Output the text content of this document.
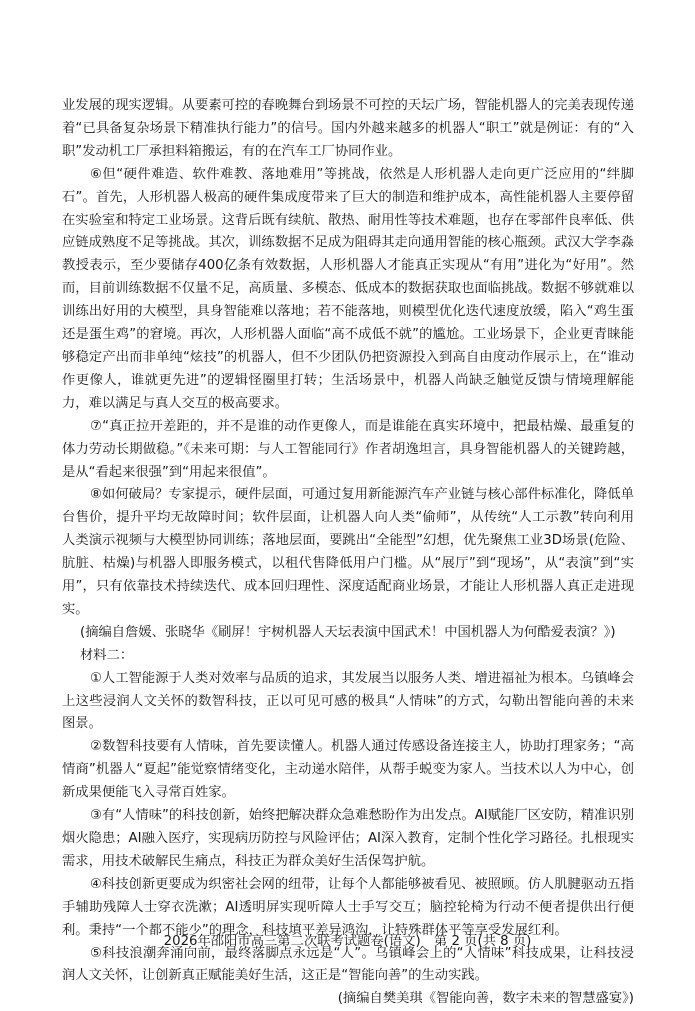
业发展的现实逻辑。从要素可控的春晚舞台到场景不可控的天坛广场，智能机器人的完美表现传递着“已具备复杂场景下精准执行能力”的信号。国内外越来越多的机器人“职工”就是例证：有的“入职”发动机工厂承担料箱搬运，有的在汽车工厂协同作业。

⑥但“硬件难造、软件难教、落地难用”等挑战，依然是人形机器人走向更广泛应用的“绊脚石”。首先，人形机器人极高的硬件集成度带来了巨大的制造和维护成本，高性能机器人主要停留在实验室和特定工业场景。这背后既有续航、散热、耐用性等技术难题，也存在零部件良率低、供应链成熟度不足等挑战。其次，训练数据不足成为阻碍其走向通用智能的核心瓶颈。武汉大学李淼教授表示，至少要储存400亿条有效数据，人形机器人才能真正实现从“有用”进化为“好用”。然而，目前训练数据不仅量不足，高质量、多模态、低成本的数据获取也面临挑战。数据不够就难以训练出好用的大模型，具身智能难以落地；若不能落地，则模型优化迭代速度放缓，陷入“鸡生蛋还是蛋生鸡”的窘境。再次，人形机器人面临“高不成低不就”的尴尬。工业场景下，企业更青睐能够稳定产出而非单纯“炫技”的机器人，但不少团队仍把资源投入到高自由度动作展示上，在“谁动作更像人，谁就更先进”的逻辑怪圈里打转；生活场景中，机器人尚缺乏触觉反馈与情境理解能力，难以满足与真人交互的极高要求。

⑦“真正拉开差距的，并不是谁的动作更像人，而是谁能在真实环境中，把最枯燥、最重复的体力劳动长期做稳。”《未来可期：与人工智能同行》作者胡逸坦言，具身智能机器人的关键跨越，是从“看起来很强”到“用起来很值”。

⑧如何破局？专家提示，硬件层面，可通过复用新能源汽车产业链与核心部件标准化，降低单台售价，提升平均无故障时间；软件层面，让机器人向人类“偷师”，从传统“人工示教”转向利用人类演示视频与大模型协同训练；落地层面，要跳出“全能型”幻想，优先聚焦工业3D场景(危险、肮脏、枯燥)与机器人即服务模式，以租代售降低用户门槛。从“展厅”到“现场”，从“表演”到“实用”，只有依靠技术持续迭代、成本回归理性、深度适配商业场景，才能让人形机器人真正走进现实。

(摘编自詹媛、张晓华《刷屏！宇树机器人天坛表演中国武术！中国机器人为何酷爱表演？》)

材料二：

①人工智能源于人类对效率与品质的追求，其发展当以服务人类、增进福祉为根本。乌镇峰会上这些浸润人文关怀的数智科技，正以可见可感的极具“人情味”的方式，勾勒出智能向善的未来图景。

②数智科技要有人情味，首先要读懂人。机器人通过传感设备连接主人，协助打理家务；“高情商”机器人“夏起”能觉察情绪变化，主动递水陪伴，从帮手蜕变为家人。当技术以人为中心，创新成果便能飞入寻常百姓家。

③有“人情味”的科技创新，始终把解决群众急难愁盼作为出发点。AI赋能厂区安防，精准识别烟火隐患；AI融入医疗，实现病历防控与风险评估；AI深入教育，定制个性化学习路径。扎根现实需求，用技术破解民生痛点，科技正为群众美好生活保驾护航。

④科技创新更要成为织密社会网的纽带，让每个人都能够被看见、被照顾。仿人肌腱驱动五指手辅助残障人士穿衣洗漱；AI透明屏实现听障人士手写交互；脑控轮椅为行动不便者提供出行便利。秉持“一个都不能少”的理念，科技填平差异鸿沟，让特殊群体平等享受发展红利。

⑤科技浪潮奔涌向前，最终落脚点永远是“人”。乌镇峰会上的“人情味”科技成果，让科技浸润人文关怀，让创新真正赋能美好生活，这正是“智能向善”的生动实践。

(摘编自樊美琪《智能向善，数字未来的智慧盛宴》)

2026年邵阳市高三第二次联考试题卷(语文)　第 2 页(共 8 页)
